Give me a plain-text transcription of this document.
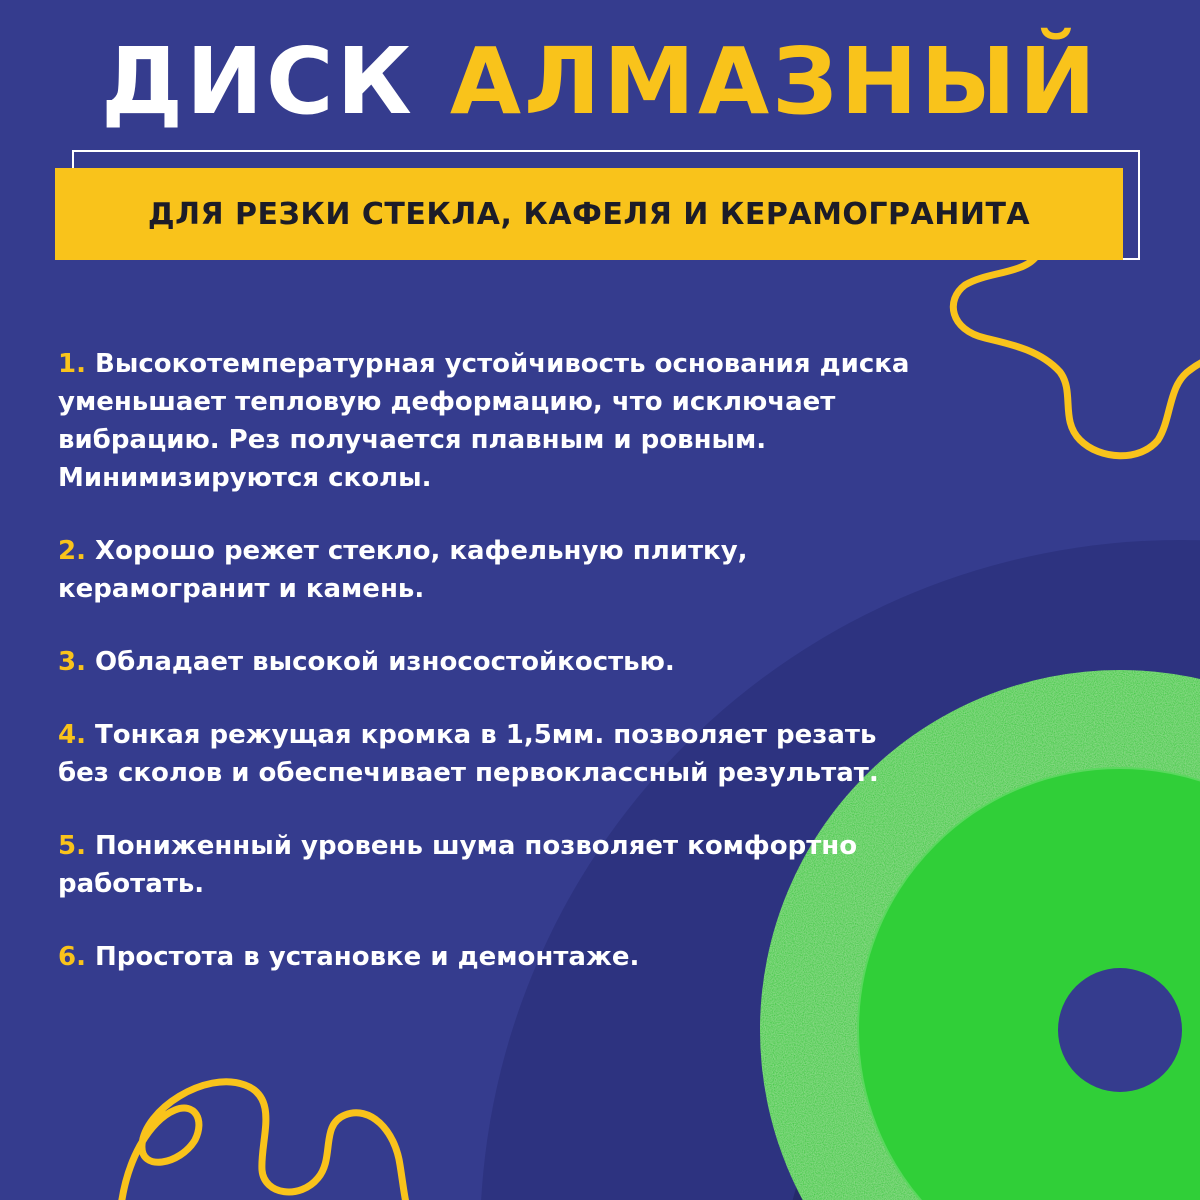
ДИСК АЛМАЗНЫЙ
ДЛЯ РЕЗКИ СТЕКЛА, КАФЕЛЯ И КЕРАМОГРАНИТА
1. Высокотемпературная устойчивость основания диска уменьшает тепловую деформацию, что исключает вибрацию. Рез получается плавным и ровным. Минимизируются сколы.
2. Хорошо режет стекло, кафельную плитку, керамогранит и камень.
3. Обладает высокой износостойкостью.
4. Тонкая режущая кромка в 1,5мм. позволяет резать без сколов и обеспечивает первоклассный результат.
5. Пониженный уровень шума позволяет комфортно работать.
6. Простота в установке и демонтаже.
